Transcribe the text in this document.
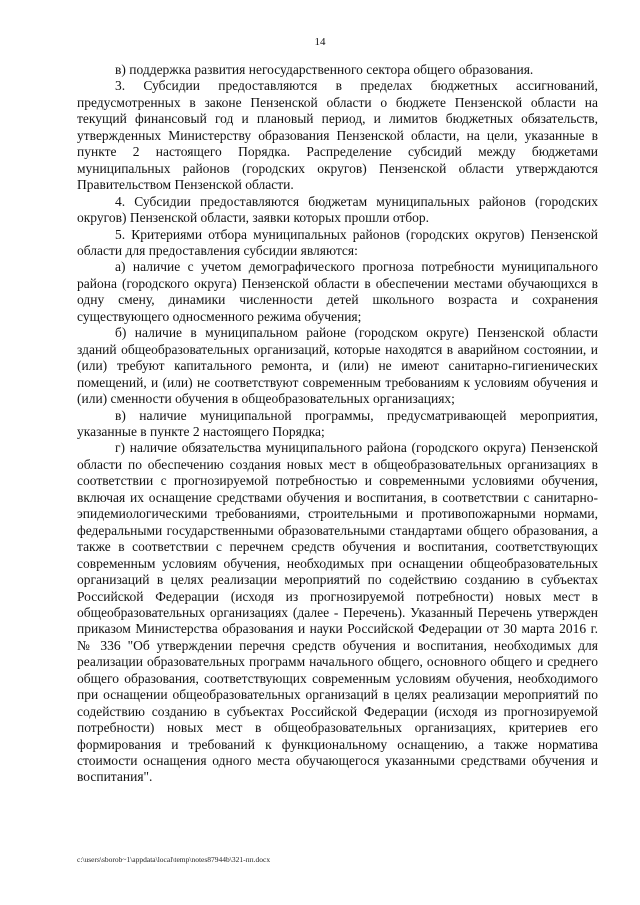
14

в) поддержка развития негосударственного сектора общего образования.

3. Субсидии предоставляются в пределах бюджетных ассигнований, предусмотренных в законе Пензенской области о бюджете Пензенской области на текущий финансовый год и плановый период, и лимитов бюджетных обязательств, утвержденных Министерству образования Пензенской области, на цели, указанные в пункте 2 настоящего Порядка. Распределение субсидий между бюджетами муниципальных районов (городских округов) Пензенской области утверждаются Правительством Пензенской области.

4. Субсидии предоставляются бюджетам муниципальных районов (городских округов) Пензенской области, заявки которых прошли отбор.

5. Критериями отбора муниципальных районов (городских округов) Пензенской области для предоставления субсидии являются:

а) наличие с учетом демографического прогноза потребности муниципального района (городского округа) Пензенской области в обеспечении местами обучающихся в одну смену, динамики численности детей школьного возраста и сохранения существующего односменного режима обучения;

б) наличие в муниципальном районе (городском округе) Пензенской области зданий общеобразовательных организаций, которые находятся в аварийном состоянии, и (или) требуют капитального ремонта, и (или) не имеют санитарно-гигиенических помещений, и (или) не соответствуют современным требованиям к условиям обучения и (или) сменности обучения в общеобразовательных организациях;

в) наличие муниципальной программы, предусматривающей мероприятия, указанные в пункте 2 настоящего Порядка;

г) наличие обязательства муниципального района (городского округа) Пензенской области по обеспечению создания новых мест в общеобразовательных организациях в соответствии с прогнозируемой потребностью и современными условиями обучения, включая их оснащение средствами обучения и воспитания, в соответствии с санитарно-эпидемиологическими требованиями, строительными и противопожарными нормами, федеральными государственными образовательными стандартами общего образования, а также в соответствии с перечнем средств обучения и воспитания, соответствующих современным условиям обучения, необходимых при оснащении общеобразовательных организаций в целях реализации мероприятий по содействию созданию в субъектах Российской Федерации (исходя из прогнозируемой потребности) новых мест в общеобразовательных организациях (далее - Перечень). Указанный Перечень утвержден приказом Министерства образования и науки Российской Федерации от 30 марта 2016 г. № 336 "Об утверждении перечня средств обучения и воспитания, необходимых для реализации образовательных программ начального общего, основного общего и среднего общего образования, соответствующих современным условиям обучения, необходимого при оснащении общеобразовательных организаций в целях реализации мероприятий по содействию созданию в субъектах Российской Федерации (исходя из прогнозируемой потребности) новых мест в общеобразовательных организациях, критериев его формирования и требований к функциональному оснащению, а также норматива стоимости оснащения одного места обучающегося указанными средствами обучения и воспитания".

c:\users\sborob~1\appdata\local\temp\notes87944b\321-пп.docx
